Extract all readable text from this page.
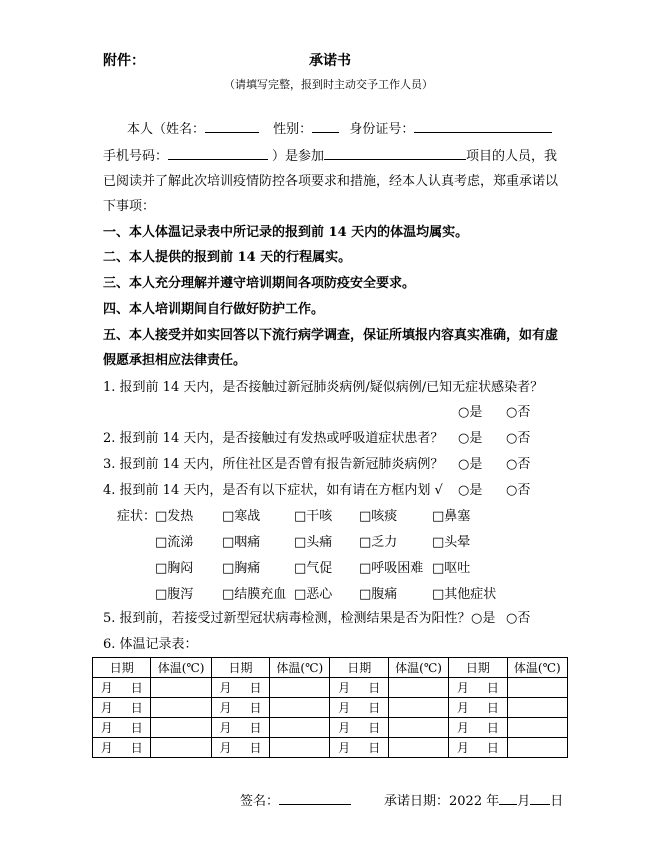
附件：	承诺书
（请填写完整，报到时主动交予工作人员）
本人（姓名：	性别：	身份证号：
手机号码：	）是参加	项目的人员，我
已阅读并了解此次培训疫情防控各项要求和措施，经本人认真考虑，郑重承诺以
下事项：
一、本人体温记录表中所记录的报到前 14 天内的体温均属实。
二、本人提供的报到前 14 天的行程属实。
三、本人充分理解并遵守培训期间各项防疫安全要求。
四、本人培训期间自行做好防护工作。
五、本人接受并如实回答以下流行病学调查，保证所填报内容真实准确，如有虚
假愿承担相应法律责任。
1. 报到前 14 天内，是否接触过新冠肺炎病例/疑似病例/已知无症状感染者？
○是 ○否
2. 报到前 14 天内，是否接触过有发热或呼吸道症状患者？ ○是 ○否
3. 报到前 14 天内，所住社区是否曾有报告新冠肺炎病例？ ○是 ○否
4. 报到前 14 天内，是否有以下症状，如有请在方框内划 √ ○是 ○否
症状：
□发热 □寒战	□干咳 □咳痰	□鼻塞
□流涕 □咽痛	□头痛 □乏力	□头晕
□胸闷 □胸痛	□气促 □呼吸困难 □呕吐
□腹泻 □结膜充血 □恶心 □腹痛	□其他症状
5. 报到前，若接受过新型冠状病毒检测，检测结果是否为阳性？ ○是 ○否
6. 体温记录表：
日期	体温(℃)	日期	体温(℃)	日期	体温(℃)	日期	体温(℃)
月 日		月 日		月 日		月 日	
月 日		月 日		月 日		月 日	
月 日		月 日		月 日		月 日	
月 日		月 日		月 日		月 日	
签名：	承诺日期：2022 年 月 日
